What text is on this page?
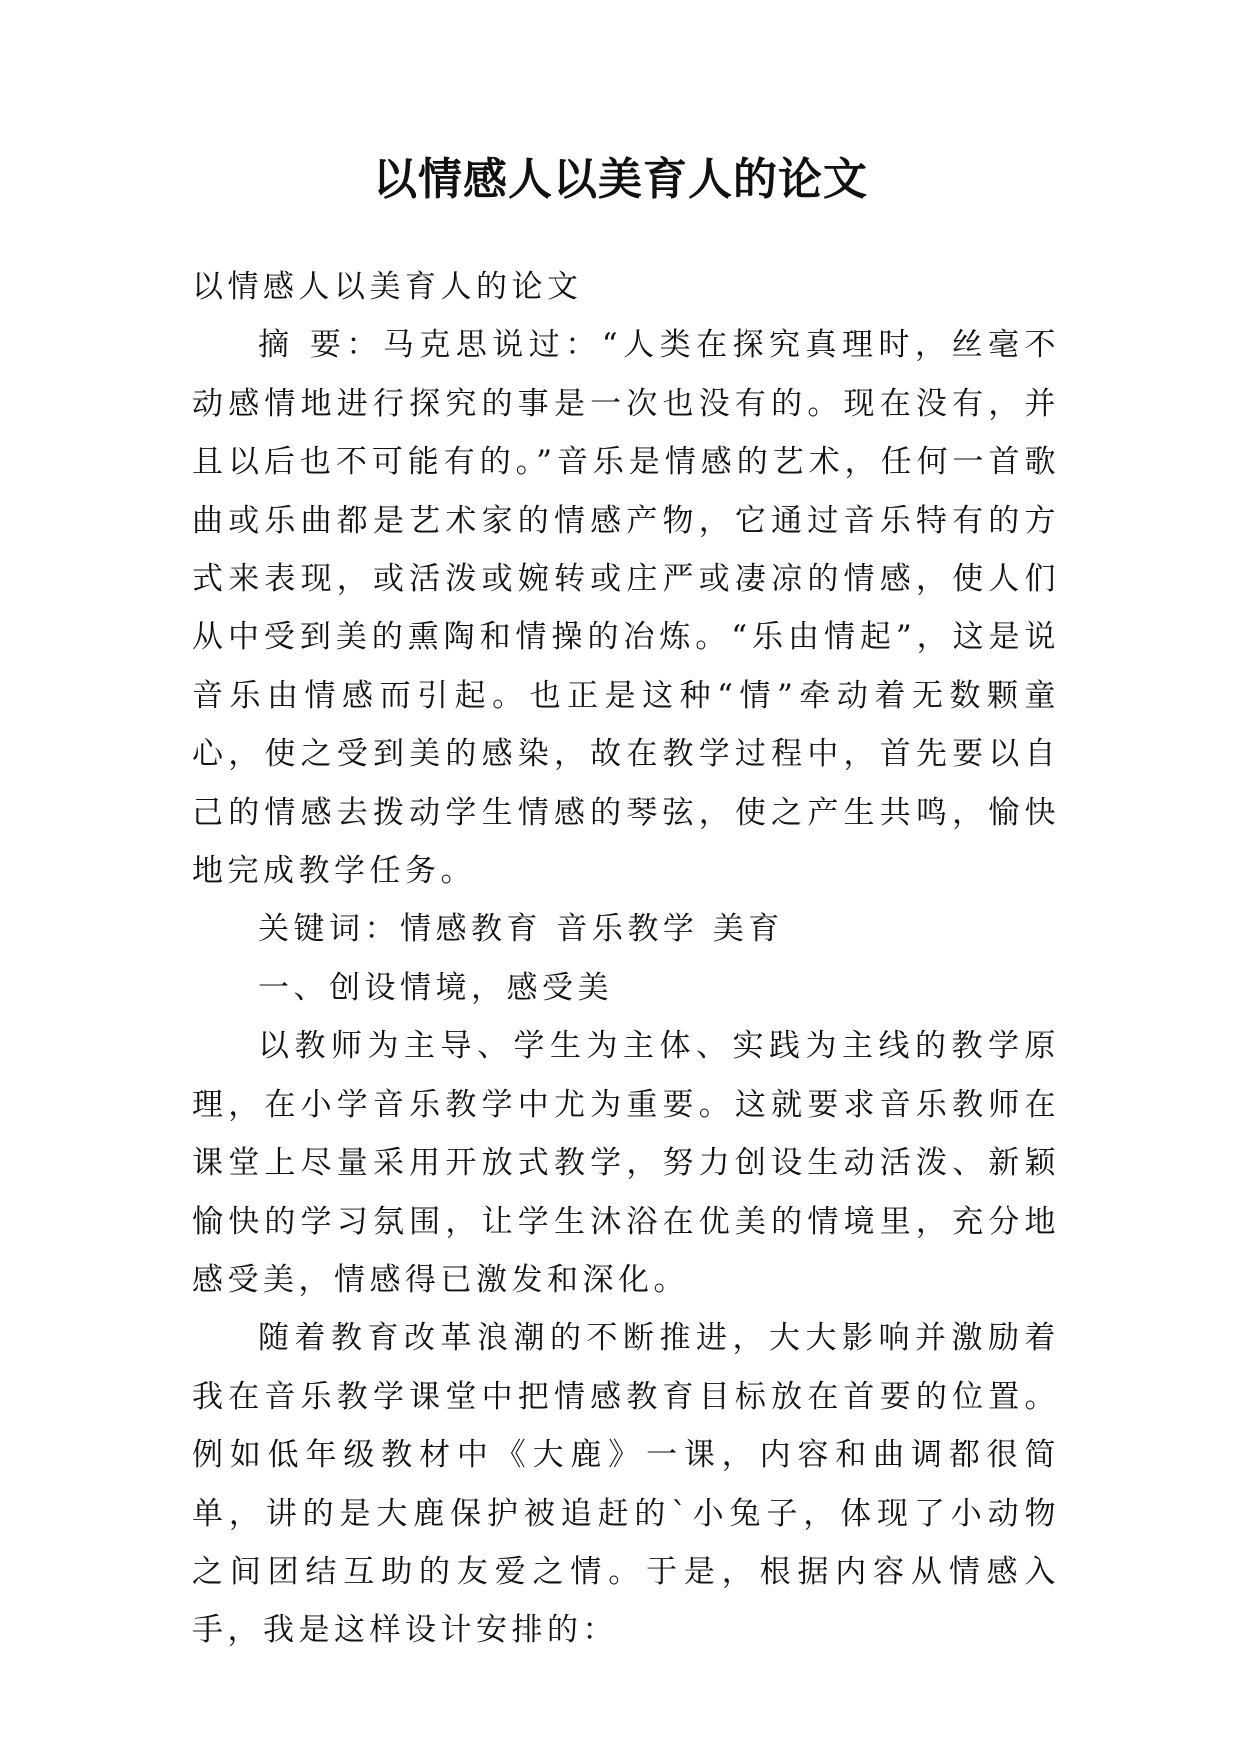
以情感人以美育人的论文

以情感人以美育人的论文

摘 要：马克思说过：“人类在探究真理时，丝毫不动感情地进行探究的事是一次也没有的。现在没有，并且以后也不可能有的。”音乐是情感的艺术，任何一首歌曲或乐曲都是艺术家的情感产物，它通过音乐特有的方式来表现，或活泼或婉转或庄严或凄凉的情感，使人们从中受到美的熏陶和情操的冶炼。“乐由情起”，这是说音乐由情感而引起。也正是这种“情”牵动着无数颗童心，使之受到美的感染，故在教学过程中，首先要以自己的情感去拨动学生情感的琴弦，使之产生共鸣，愉快地完成教学任务。

关键词：情感教育 音乐教学 美育

一、创设情境，感受美

以教师为主导、学生为主体、实践为主线的教学原理，在小学音乐教学中尤为重要。这就要求音乐教师在课堂上尽量采用开放式教学，努力创设生动活泼、新颖愉快的学习氛围，让学生沐浴在优美的情境里，充分地感受美，情感得已激发和深化。

随着教育改革浪潮的不断推进，大大影响并激励着我在音乐教学课堂中把情感教育目标放在首要的位置。例如低年级教材中《大鹿》一课，内容和曲调都很简单，讲的是大鹿保护被追赶的`小兔子，体现了小动物之间团结互助的友爱之情。于是，根据内容从情感入手，我是这样设计安排的：
